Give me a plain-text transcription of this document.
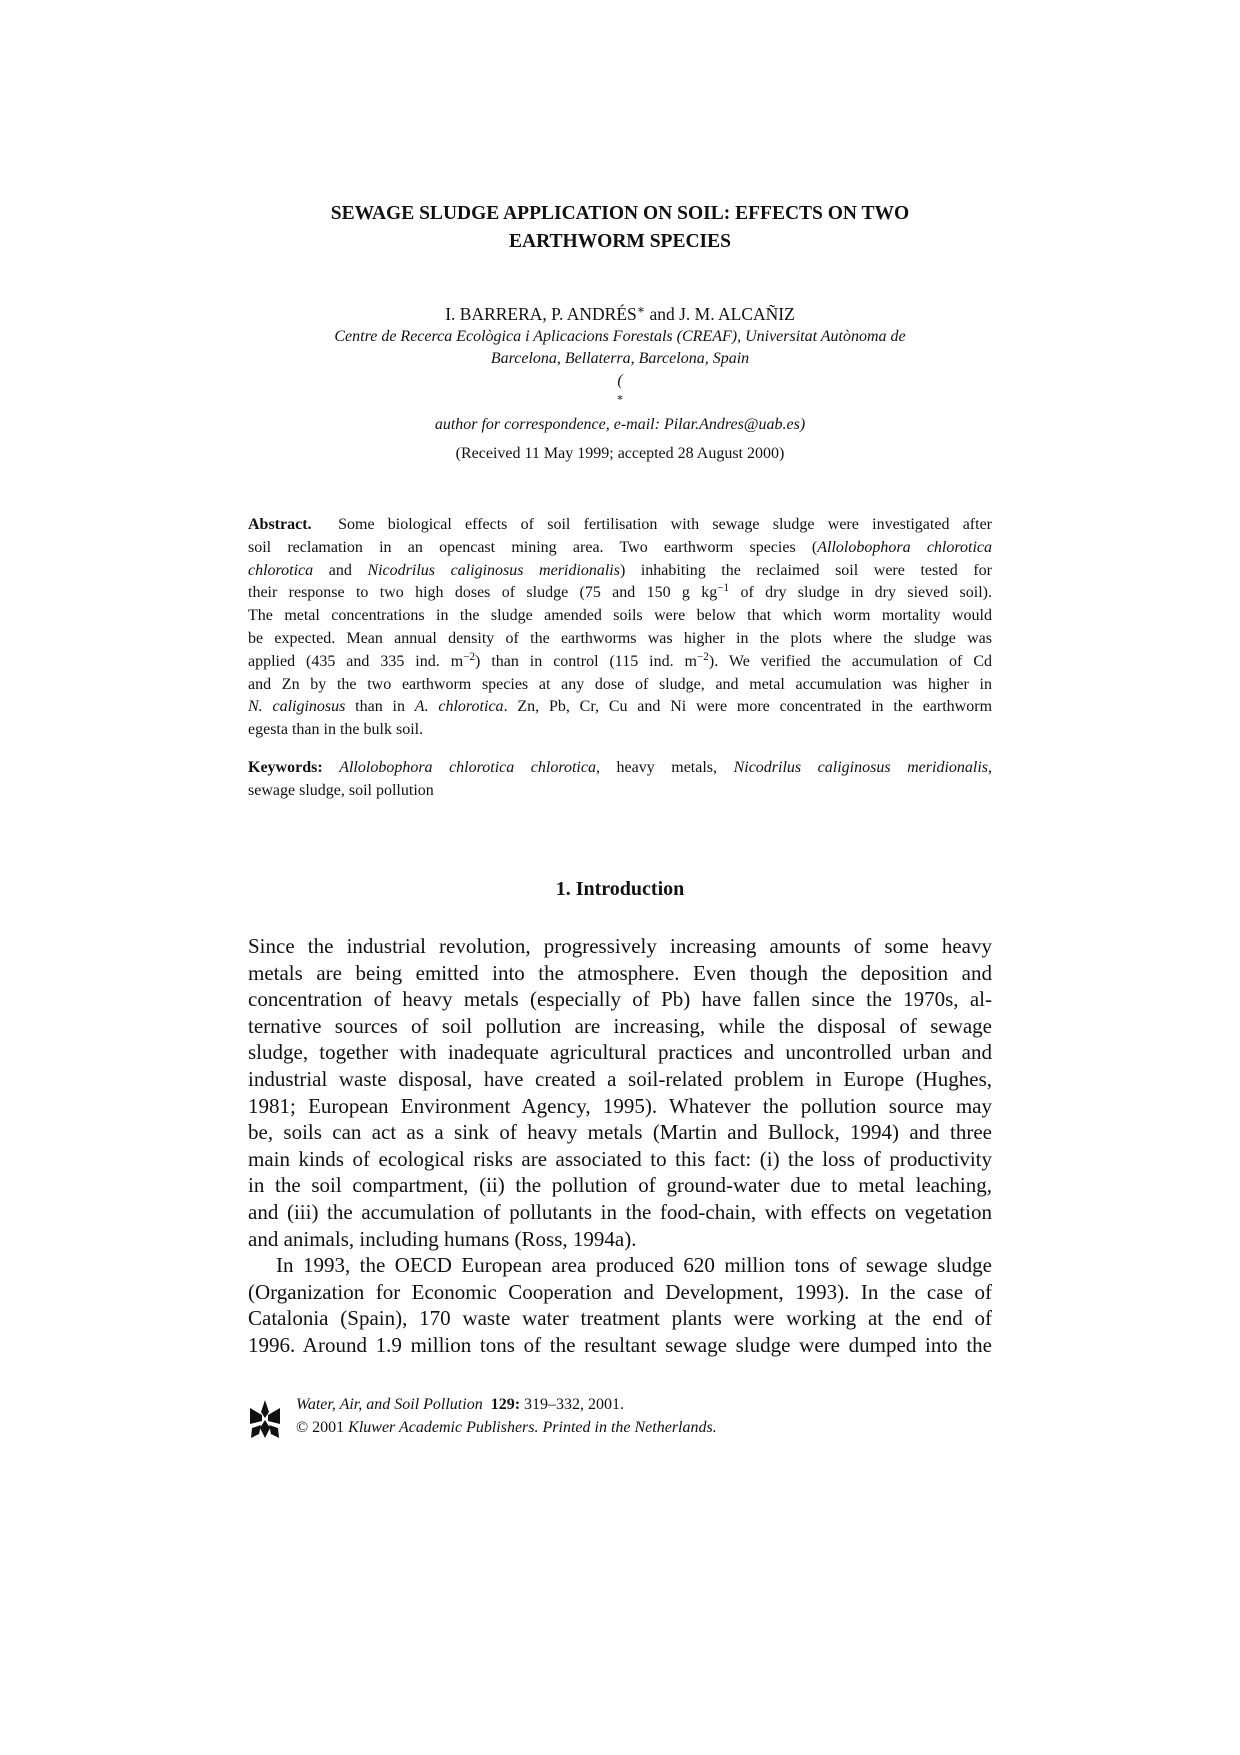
SEWAGE SLUDGE APPLICATION ON SOIL: EFFECTS ON TWO
EARTHWORM SPECIES
I. BARRERA, P. ANDRÉS∗ and J. M. ALCAÑIZ
Centre de Recerca Ecològica i Aplicacions Forestals (CREAF), Universitat Autònoma de
Barcelona, Bellaterra, Barcelona, Spain
(
∗
author for correspondence, e-mail: Pilar.Andres@uab.es)
(Received 11 May 1999; accepted 28 August 2000)
Abstract. Some biological effects of soil fertilisation with sewage sludge were investigated after
soil reclamation in an opencast mining area. Two earthworm species (Allolobophora chlorotica
chlorotica and Nicodrilus caliginosus meridionalis) inhabiting the reclaimed soil were tested for
their response to two high doses of sludge (75 and 150 g $kg^{-1}$ of dry sludge in dry sieved soil).
The metal concentrations in the sludge amended soils were below that which worm mortality would
be expected. Mean annual density of the earthworms was higher in the plots where the sludge was
applied (435 and 335 ind. $m^{-2}$) than in control (115 ind. $m^{-2}$). We verified the accumulation of Cd
and Zn by the two earthworm species at any dose of sludge, and metal accumulation was higher in
N. caliginosus than in A. chlorotica. Zn, Pb, Cr, Cu and Ni were more concentrated in the earthworm
egesta than in the bulk soil.
Keywords: Allolobophora chlorotica chlorotica, heavy metals, Nicodrilus caliginosus meridionalis,
sewage sludge, soil pollution
1. Introduction
Since the industrial revolution, progressively increasing amounts of some heavy
metals are being emitted into the atmosphere. Even though the deposition and
concentration of heavy metals (especially of Pb) have fallen since the 1970s, al-
ternative sources of soil pollution are increasing, while the disposal of sewage
sludge, together with inadequate agricultural practices and uncontrolled urban and
industrial waste disposal, have created a soil-related problem in Europe (Hughes,
1981; European Environment Agency, 1995). Whatever the pollution source may
be, soils can act as a sink of heavy metals (Martin and Bullock, 1994) and three
main kinds of ecological risks are associated to this fact: (i) the loss of productivity
in the soil compartment, (ii) the pollution of ground-water due to metal leaching,
and (iii) the accumulation of pollutants in the food-chain, with effects on vegetation
and animals, including humans (Ross, 1994a).
In 1993, the OECD European area produced 620 million tons of sewage sludge
(Organization for Economic Cooperation and Development, 1993). In the case of
Catalonia (Spain), 170 waste water treatment plants were working at the end of
1996. Around 1.9 million tons of the resultant sewage sludge were dumped into the
Water, Air, and Soil Pollution 129: 319–332, 2001.
© 2001 Kluwer Academic Publishers. Printed in the Netherlands.
